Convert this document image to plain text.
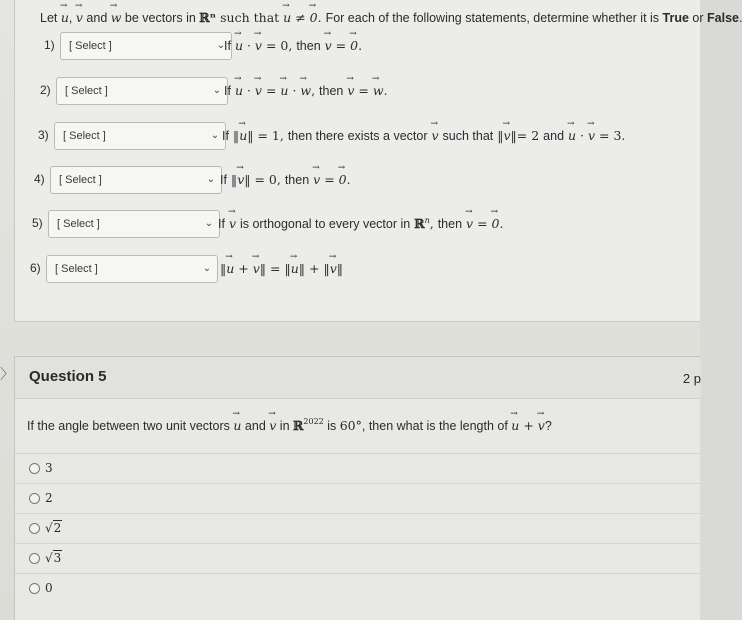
Let u →, v → and w → be vectors in ℝⁿ such that u → ≠ 0 →. For each of the following statements, determine whether it is True or False
1) [ Select ]	⌄
If u → · v → = 0, then v → = 0 →.
2) [ Select ]	⌄ If u → · v → = u → · w →, then v → = w →.
3) [ Select ]	⌄ If ‖u →‖ = 1, then there exists a vector v → such that ‖v →‖= 2 and u → · v → = 3.
4) [ Select ]	⌄ If ‖v →‖ = 0, then v → = 0 →.
5) [ Select ]	⌄ If v → is orthogonal to every vector in ℝ$^n$, then v → = 0 →.
6) [ Select ]	⌄ ‖u → + v →‖ = ‖u →‖ + ‖v →‖
〉 Question 5	2 p
If the angle between two unit vectors u → and v → in ℝ$^{2022}$ is 60°, then what is the length of u → + v →?
3
2
√2
√3
0
